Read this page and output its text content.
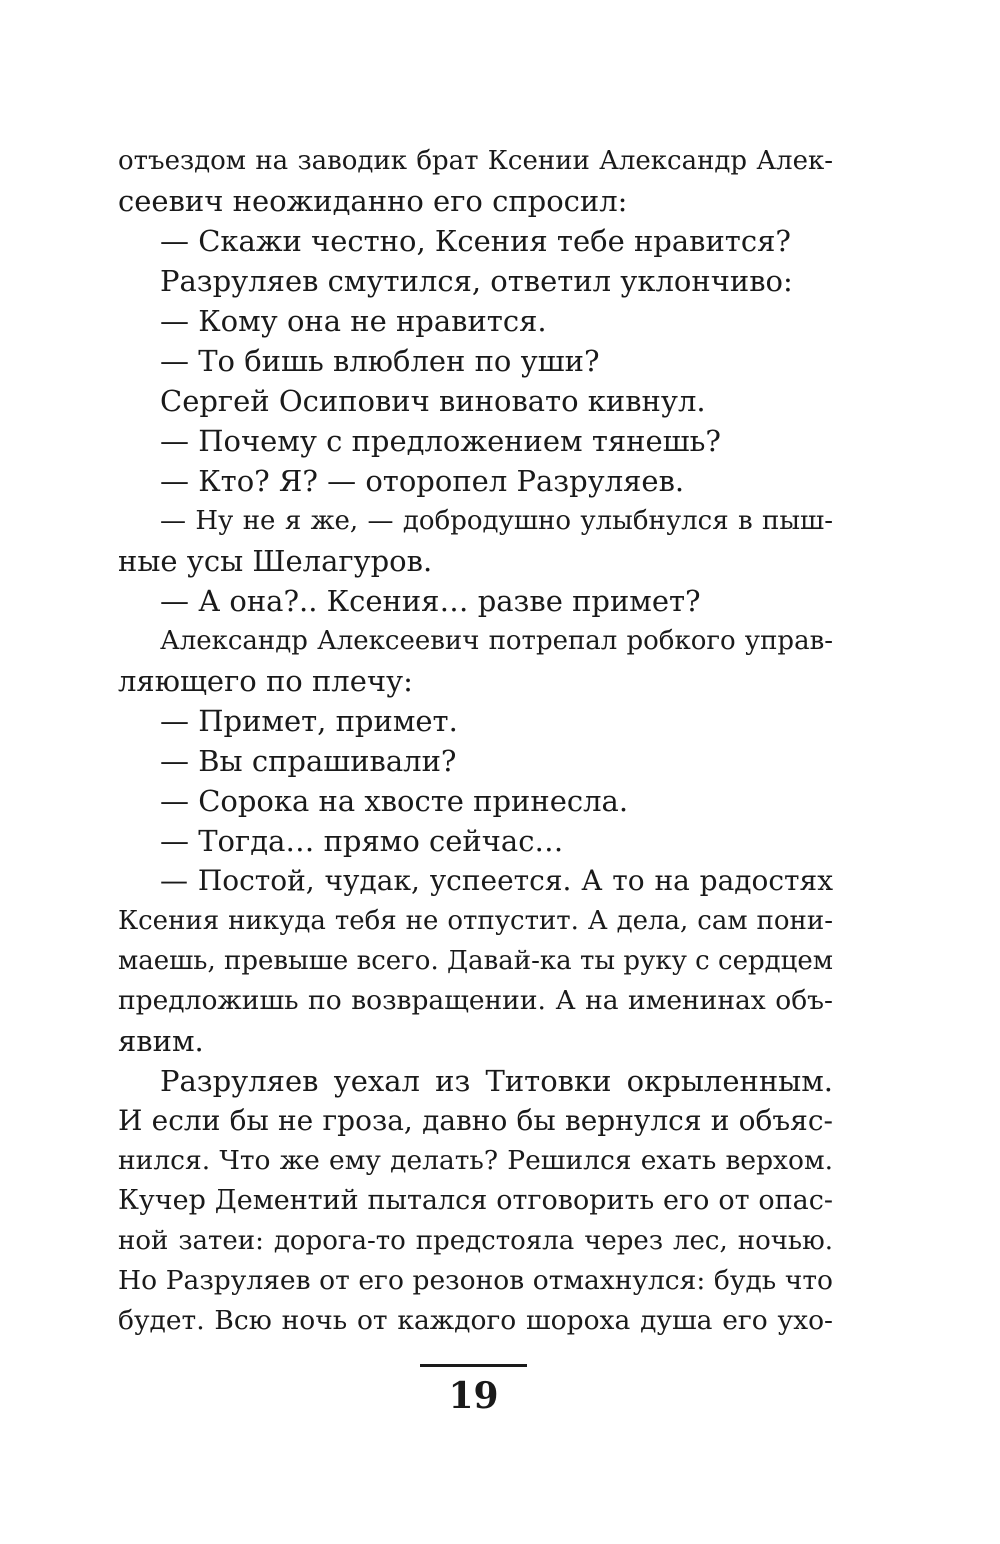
отъездом на заводик брат Ксении Александр Алек-
сеевич неожиданно его спросил:
— Скажи честно, Ксения тебе нравится?
Разруляев смутился, ответил уклончиво:
— Кому она не нравится.
— То бишь влюблен по уши?
Сергей Осипович виновато кивнул.
— Почему с предложением тянешь?
— Кто? Я? — оторопел Разруляев.
— Ну не я же, — добродушно улыбнулся в пыш-
ные усы Шелагуров.
— А она?.. Ксения… разве примет?
Александр Алексеевич потрепал робкого управ-
ляющего по плечу:
— Примет, примет.
— Вы спрашивали?
— Сорока на хвосте принесла.
— Тогда… прямо сейчас…
— Постой, чудак, успеется. А то на радостях
Ксения никуда тебя не отпустит. А дела, сам пони-
маешь, превыше всего. Давай-ка ты руку с сердцем
предложишь по возвращении. А на именинах объ-
явим.
Разруляев уехал из Титовки окрыленным.
И если бы не гроза, давно бы вернулся и объяс-
нился. Что же ему делать? Решился ехать верхом.
Кучер Дементий пытался отговорить его от опас-
ной затеи: дорога-то предстояла через лес, ночью.
Но Разруляев от его резонов отмахнулся: будь что
будет. Всю ночь от каждого шороха душа его ухо-
19
